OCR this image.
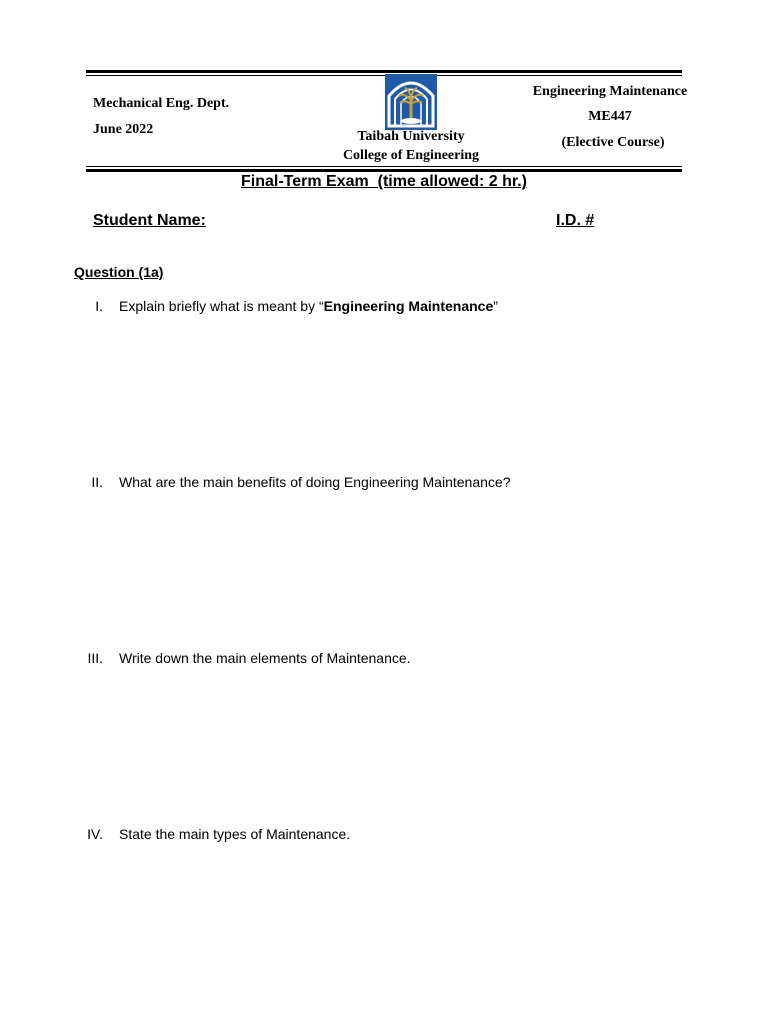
Mechanical Eng. Dept.
June 2022	Taibah University
College of Engineering
Engineering Maintenance
ME447
(Elective Course)
Final-Term Exam  (time allowed: 2 hr.)
Student Name:	I.D. #
Question (1a)
I. Explain briefly what is meant by “Engineering Maintenance”
II. What are the main benefits of doing Engineering Maintenance?
III. Write down the main elements of Maintenance.
IV. State the main types of Maintenance.
